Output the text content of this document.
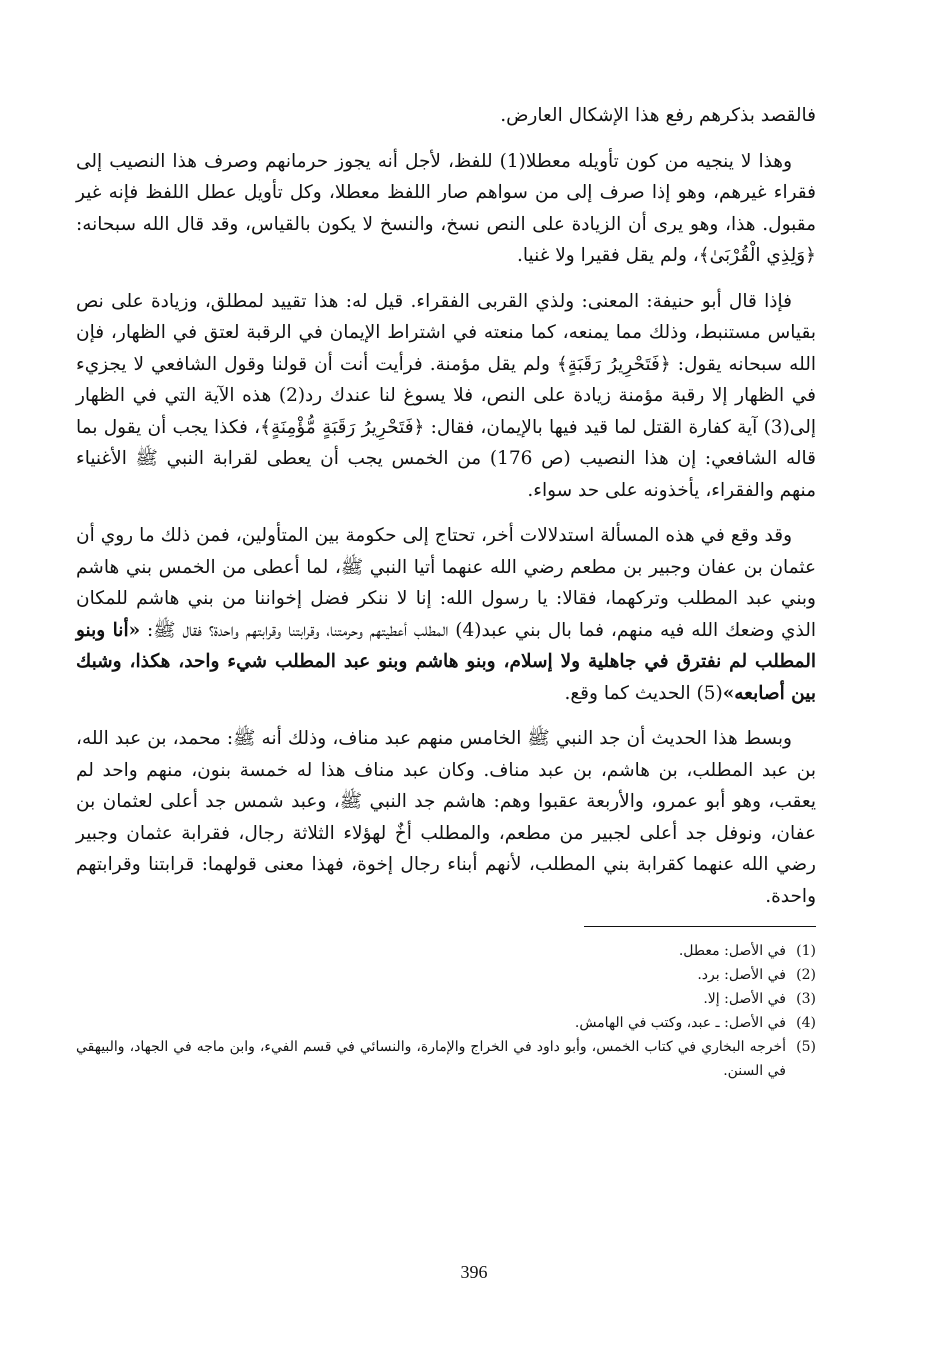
فالقصد بذكرهم رفع هذا الإشكال العارض.

وهذا لا ينجيه من كون تأويله معطلا(1) للفظ، لأجل أنه يجوز حرمانهم وصرف هذا النصيب إلى فقراء غيرهم، وهو إذا صرف إلى من سواهم صار اللفظ معطلا، وكل تأويل عطل اللفظ فإنه غير مقبول. هذا، وهو يرى أن الزيادة على النص نسخ، والنسخ لا يكون بالقياس، وقد قال الله سبحانه: ﴿وَلِذِي الْقُرْبَىٰ﴾، ولم يقل فقيرا ولا غنيا.

فإذا قال أبو حنيفة: المعنى: ولذي القربى الفقراء. قيل له: هذا تقييد لمطلق، وزيادة على نص بقياس مستنبط، وذلك مما يمنعه، كما منعته في اشتراط الإيمان في الرقبة لعتق في الظهار، فإن الله سبحانه يقول: ﴿فَتَحْرِيرُ رَقَبَةٍ﴾ ولم يقل مؤمنة. فرأيت أنت أن قولنا وقول الشافعي لا يجزيء في الظهار إلا رقبة مؤمنة زيادة على النص، فلا يسوغ لنا عندك رد(2) هذه الآية التي في الظهار إلى(3) آية كفارة القتل لما قيد فيها بالإيمان، فقال: ﴿فَتَحْرِيرُ رَقَبَةٍ مُّؤْمِنَةٍ﴾، فكذا يجب أن يقول بما قاله الشافعي: إن هذا النصيب (ص 176) من الخمس يجب أن يعطى لقرابة النبي ﷺ الأغنياء منهم والفقراء، يأخذونه على حد سواء.

وقد وقع في هذه المسألة استدلالات أخر، تحتاج إلى حكومة بين المتأولين، فمن ذلك ما روي أن عثمان بن عفان وجبير بن مطعم رضي الله عنهما أتيا النبي ﷺ، لما أعطى من الخمس بني هاشم وبني عبد المطلب وتركهما، فقالا: يا رسول الله: إنا لا ننكر فضل إخواننا من بني هاشم للمكان الذي وضعك الله فيه منهم، فما بال بني عبد(4) المطلب أعطيتهم وحرمتنا، وقرابتنا وقرابتهم واحدة؟ فقال ﷺ: «أنا وبنو المطلب لم نفترق في جاهلية ولا إسلام، وبنو هاشم وبنو عبد المطلب شيء واحد، هكذا، وشبك بين أصابعه»(5) الحديث كما وقع.

وبسط هذا الحديث أن جد النبي ﷺ الخامس منهم عبد مناف، وذلك أنه ﷺ: محمد، بن عبد الله، بن عبد المطلب، بن هاشم، بن عبد مناف. وكان عبد مناف هذا له خمسة بنون، منهم واحد لم يعقب، وهو أبو عمرو، والأربعة عقبوا وهم: هاشم جد النبي ﷺ، وعبد شمس جد أعلى لعثمان بن عفان، ونوفل جد أعلى لجبير من مطعم، والمطلب أخٌ لهؤلاء الثلاثة رجال، فقرابة عثمان وجبير رضي الله عنهما كقرابة بني المطلب، لأنهم أبناء رجال إخوة، فهذا معنى قولهما: قرابتنا وقرابتهم واحدة.

(1)
في الأصل: معطل.
(2)
في الأصل: برد.
(3)
في الأصل: إلا.
(4)
في الأصل: ـ عبد، وكتب في الهامش.
(5)
أخرجه البخاري في كتاب الخمس، وأبو داود في الخراج والإمارة، والنسائي في قسم الفيء، وابن ماجه في الجهاد، والبيهقي في السنن.
396
